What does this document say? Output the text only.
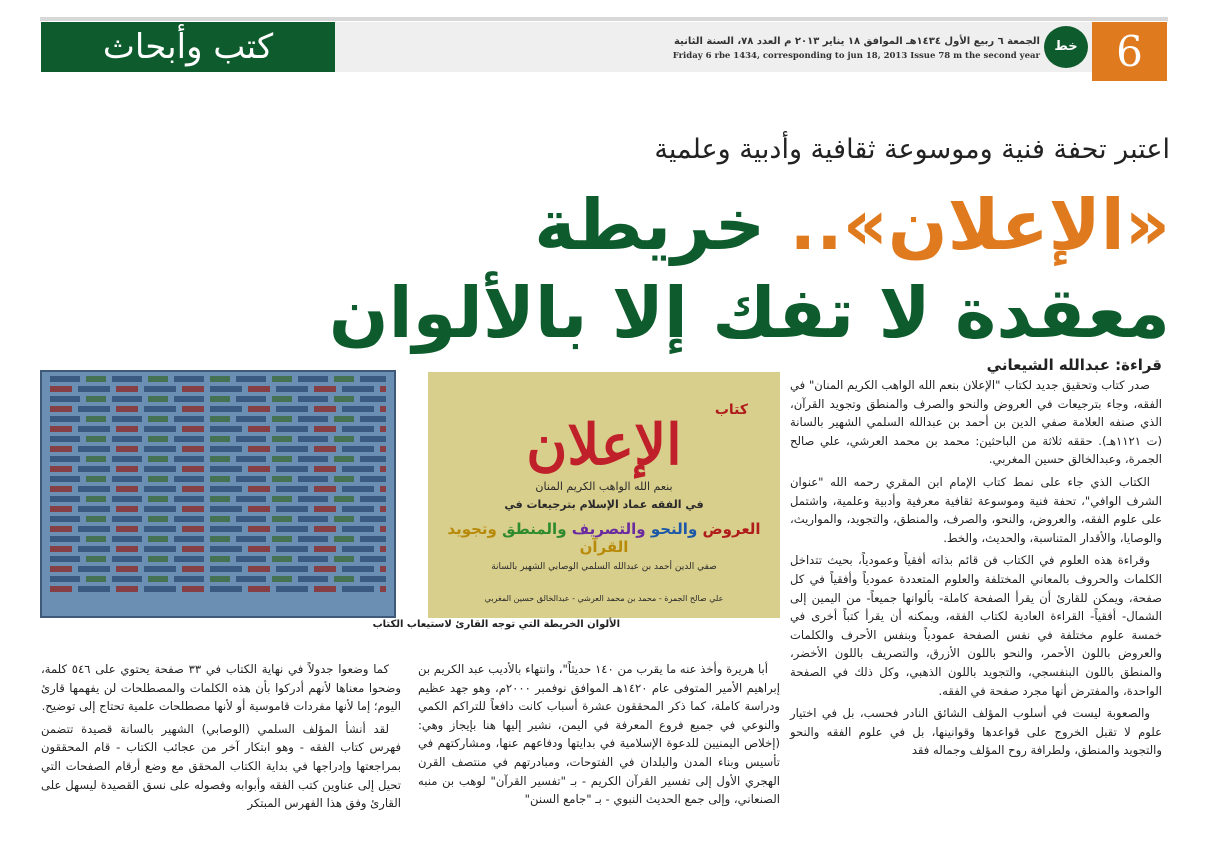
كتب وأبحاث	الجمعة ٦ ربيع الأول ١٤٣٤هـ الموافق ١٨ يناير ٢٠١٣ م العدد ٧٨، السنة الثانية
Friday 6 rbe 1434, corresponding to jun 18, 2013 Issue 78 m the second year
خط سير
6
اعتبر تحفة فنية وموسوعة ثقافية وأدبية وعلمية
«الإعلان».. خريطة
معقدة لا تفك إلا بالألوان
قراءة: عبدالله الشيعاني

صدر كتاب وتحقيق جديد لكتاب "الإعلان بنعم الله الواهب الكريم المنان" في الفقه، وجاء بترجيعات في العروض والنحو والصرف والمنطق وتجويد القرآن، الذي صنفه العلامة صفي الدين بن أحمد بن عبدالله السلمي الشهير بالسانة (ت ١١٢١هـ). حققه ثلاثة من الباحثين: محمد بن محمد العرشي، علي صالح الجمرة، وعبدالخالق حسين المغربي.

الكتاب الذي جاء على نمط كتاب الإمام ابن المقري رحمه الله "عنوان الشرف الوافي"، تحفة فنية وموسوعة ثقافية معرفية وأدبية وعلمية، واشتمل على علوم الفقه، والعروض، والنحو، والصرف، والمنطق، والتجويد، والمواريث، والوصايا، والأقدار المتناسبة، والحديث، والخط.

وقراءة هذه العلوم في الكتاب فن قائم بذاته أفقياً وعمودياً، بحيث تتداخل الكلمات والحروف بالمعاني المختلفة والعلوم المتعددة عمودياً وأفقياً في كل صفحة، ويمكن للقارئ أن يقرأ الصفحة كاملة- بألوانها جميعاً- من اليمين إلى الشمال- أفقياً- القراءة العادية لكتاب الفقه، ويمكنه أن يقرأ كتباً أخرى في خمسة علوم مختلفة في نفس الصفحة عمودياً وبنفس الأحرف والكلمات والعروض باللون الأحمر، والنحو باللون الأزرق، والتصريف باللون الأخضر، والمنطق باللون البنفسجي، والتجويد باللون الذهبي، وكل ذلك في الصفحة الواحدة، والمفترض أنها مجرد صفحة في الفقه.

والصعوبة ليست في أسلوب المؤلف الشائق النادر فحسب، بل في اختيار علوم لا تقبل الخروج على قواعدها وقوانينها، بل في علوم الفقه والنحو والتجويد والمنطق، ولطرافة روح المؤلف وجماله فقد

كتاب
الإعلان
بنعم الله الواهب الكريم المنان
في الفقه عماد الإسلام بترجيعات في
العروض والنحو والتصريف والمنطق وتجويد القرآن
صفي الدين أحمد بن عبدالله السلمي الوصابي الشهير بالسانة
علي صالح الجمرة - محمد بن محمد العرشي - عبدالخالق حسين المغربي
الألوان الخريطة التي توجه القارئ لاستيعاب الكتاب

أبا هريرة وأخذ عنه ما يقرب من ١٤٠ حديثاً"، وانتهاء بالأديب عبد الكريم بن إبراهيم الأمير المتوفى عام ١٤٢٠هـ الموافق نوفمبر ٢٠٠٠م، وهو جهد عظيم ودراسة كاملة، كما ذكر المحققون عشرة أسباب كانت دافعاً للتراكم الكمي والنوعي في جميع فروع المعرفة في اليمن، نشير إليها هنا بإيجاز وهي: (إخلاص اليمنيين للدعوة الإسلامية في بدايتها ودفاعهم عنها، ومشاركتهم في تأسيس وبناء المدن والبلدان في الفتوحات، ومبادرتهم في منتصف القرن الهجري الأول إلى تفسير القرآن الكريم - بـ "تفسير القرآن" لوهب بن منبه الصنعاني، وإلى جمع الحديث النبوي - بـ "جامع السنن"

كما وضعوا جدولاً في نهاية الكتاب في ٣٣ صفحة يحتوي على ٥٤٦ كلمة، وضحوا معناها لأنهم أدركوا بأن هذه الكلمات والمصطلحات لن يفهمها قارئ اليوم؛ إما لأنها مفردات قاموسية أو لأنها مصطلحات علمية تحتاج إلى توضيح.

لقد أنشأ المؤلف السلمي (الوصابي) الشهير بالسانة قصيدة تتضمن فهرس كتاب الفقه - وهو ابتكار آخر من عجائب الكتاب - قام المحققون بمراجعتها وإدراجها في بداية الكتاب المحقق مع وضع أرقام الصفحات التي تحيل إلى عناوين كتب الفقه وأبوابه وفصوله على نسق القصيدة ليسهل على القارئ وفق هذا الفهرس المبتكر
